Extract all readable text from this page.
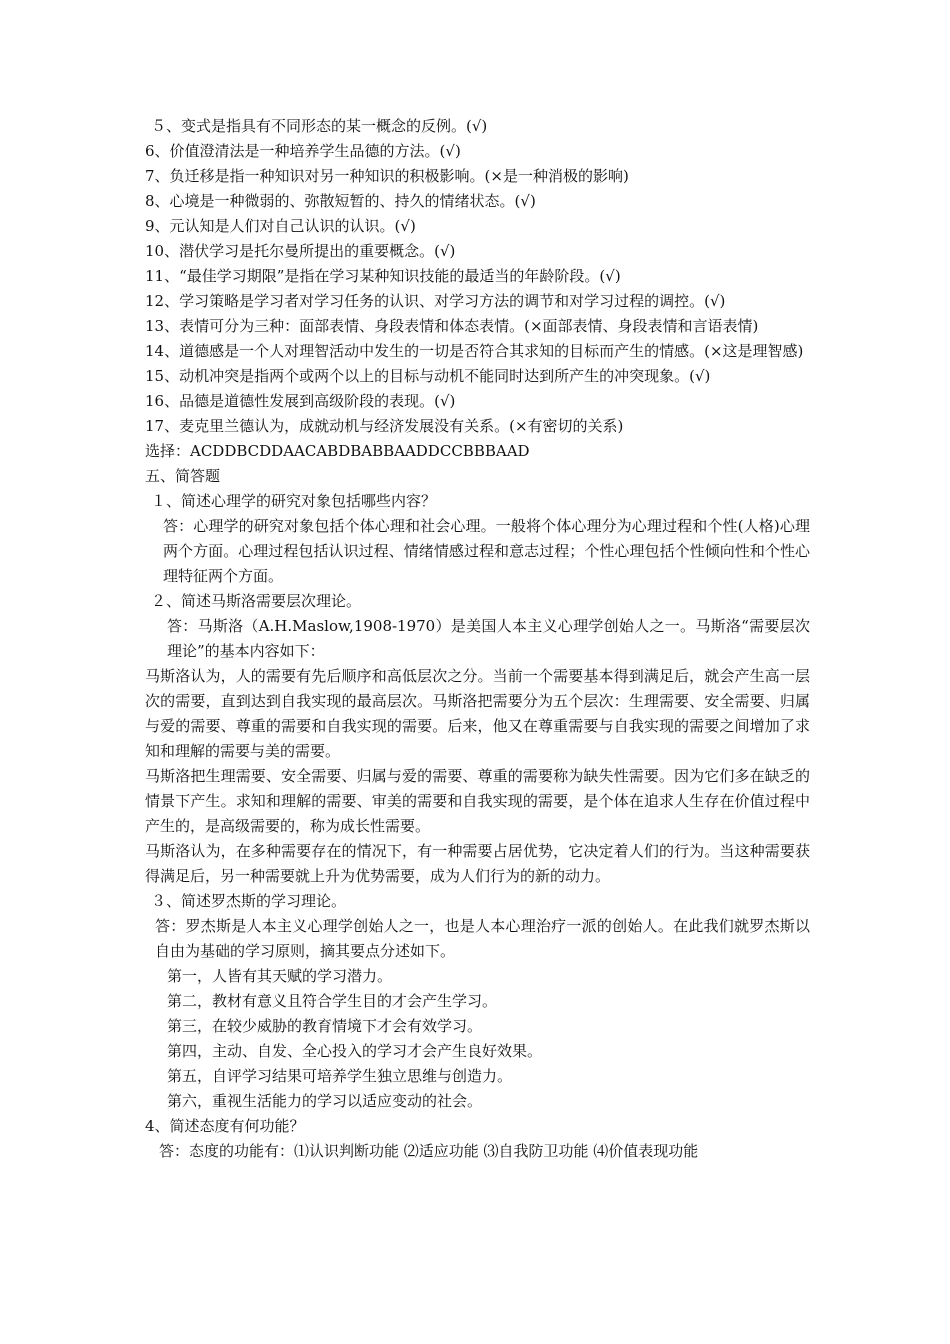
５、变式是指具有不同形态的某一概念的反例。(√)

6、价值澄清法是一种培养学生品德的方法。(√)

7、负迁移是指一种知识对另一种知识的积极影响。(×是一种消极的影响)

8、心境是一种微弱的、弥散短暂的、持久的情绪状态。(√)

9、元认知是人们对自己认识的认识。(√)

10、潜伏学习是托尔曼所提出的重要概念。(√)

11、“最佳学习期限”是指在学习某种知识技能的最适当的年龄阶段。(√)

12、学习策略是学习者对学习任务的认识、对学习方法的调节和对学习过程的调控。(√)

13、表情可分为三种：面部表情、身段表情和体态表情。(×面部表情、身段表情和言语表情)

14、道德感是一个人对理智活动中发生的一切是否符合其求知的目标而产生的情感。(×这是理智感)

15、动机冲突是指两个或两个以上的目标与动机不能同时达到所产生的冲突现象。(√)

16、品德是道德性发展到高级阶段的表现。(√)

17、麦克里兰德认为，成就动机与经济发展没有关系。(×有密切的关系)

选择：ACDDBCDDAACABDBABBAADDCCBBBAAD

五、简答题

１、简述心理学的研究对象包括哪些内容？

答：心理学的研究对象包括个体心理和社会心理。一般将个体心理分为心理过程和个性(人格)心理两个方面。心理过程包括认识过程、情绪情感过程和意志过程；个性心理包括个性倾向性和个性心理特征两个方面。

２、简述马斯洛需要层次理论。

答：马斯洛（A.H.Maslow,1908-1970）是美国人本主义心理学创始人之一。马斯洛“需要层次理论”的基本内容如下：

马斯洛认为，人的需要有先后顺序和高低层次之分。当前一个需要基本得到满足后，就会产生高一层次的需要，直到达到自我实现的最高层次。马斯洛把需要分为五个层次：生理需要、安全需要、归属与爱的需要、尊重的需要和自我实现的需要。后来，他又在尊重需要与自我实现的需要之间增加了求知和理解的需要与美的需要。

马斯洛把生理需要、安全需要、归属与爱的需要、尊重的需要称为缺失性需要。因为它们多在缺乏的情景下产生。求知和理解的需要、审美的需要和自我实现的需要，是个体在追求人生存在价值过程中产生的，是高级需要的，称为成长性需要。

马斯洛认为，在多种需要存在的情况下，有一种需要占居优势，它决定着人们的行为。当这种需要获得满足后，另一种需要就上升为优势需要，成为人们行为的新的动力。

３、简述罗杰斯的学习理论。

答：罗杰斯是人本主义心理学创始人之一，也是人本心理治疗一派的创始人。在此我们就罗杰斯以自由为基础的学习原则，摘其要点分述如下。

第一，人皆有其天赋的学习潜力。

第二，教材有意义且符合学生目的才会产生学习。

第三，在较少威胁的教育情境下才会有效学习。

第四，主动、自发、全心投入的学习才会产生良好效果。

第五，自评学习结果可培养学生独立思维与创造力。

第六，重视生活能力的学习以适应变动的社会。

4、简述态度有何功能？

答：态度的功能有：⑴认识判断功能 ⑵适应功能 ⑶自我防卫功能 ⑷价值表现功能
